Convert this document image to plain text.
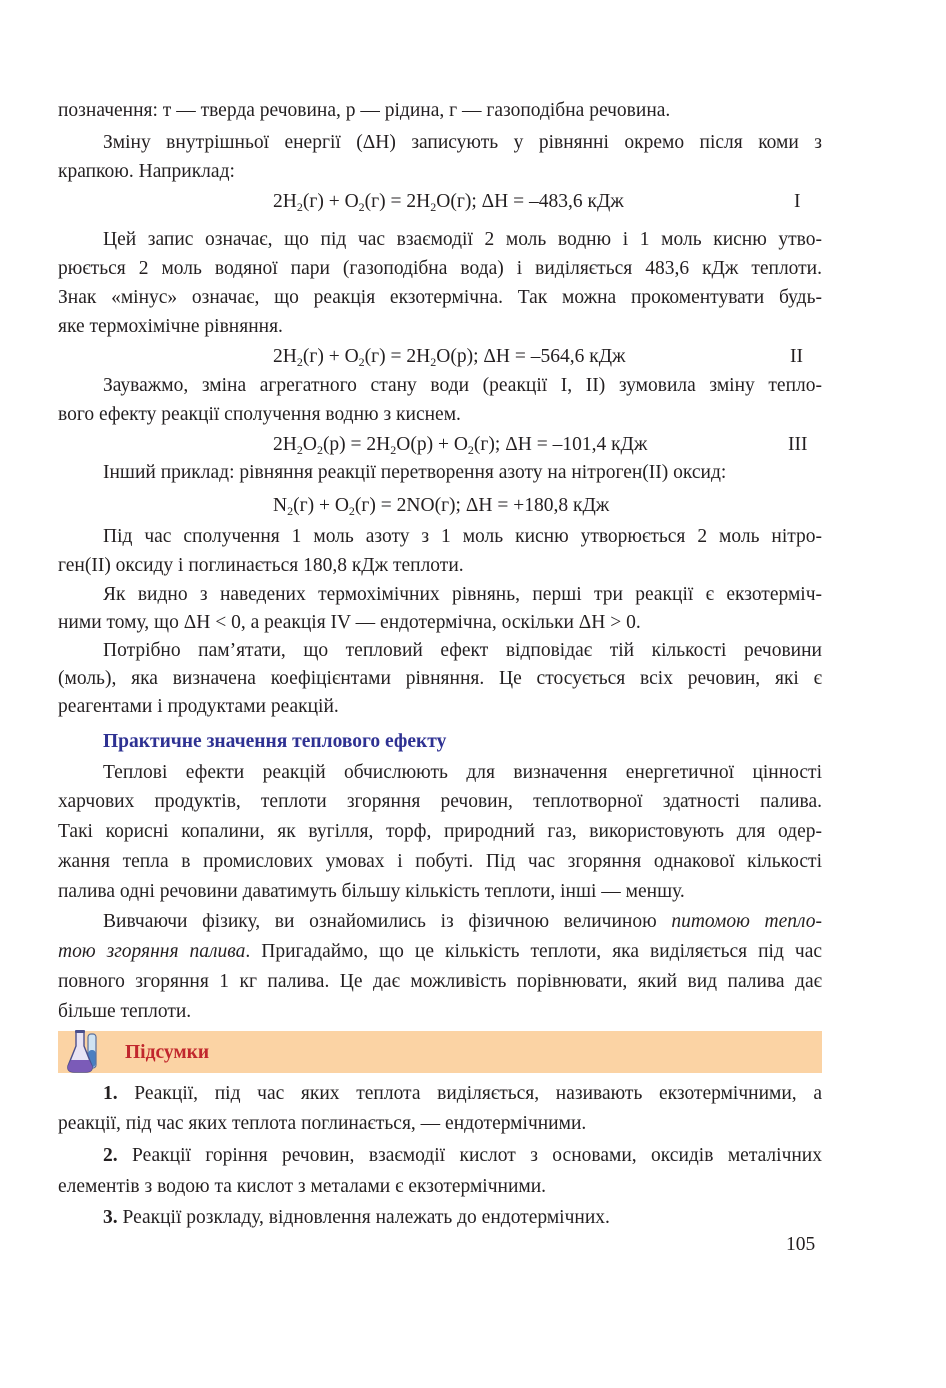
позначення: т — тверда речовина, р — рідина, г — газоподібна речовина.
Зміну внутрішньої енергії (ΔH) записують у рівнянні окремо після коми з
крапкою. Наприклад:
$2H_2(г) + O_2(г) = 2H_2O(г)$; ΔH = –483,6 кДж	I
Цей запис означає, що під час взаємодії 2 моль водню і 1 моль кисню утво-
рюється 2 моль водяної пари (газоподібна вода) і виділяється 483,6 кДж теплоти.
Знак «мінус» означає, що реакція екзотермічна. Так можна прокоментувати будь-
яке термохімічне рівняння.
$2H_2(г) + O_2(г) = 2H_2O(р)$; ΔH = –564,6 кДж	II
Зауважмо, зміна агрегатного стану води (реакції I, II) зумовила зміну тепло-
вого ефекту реакції сполучення водню з киснем.
$2H_2O_2(р) = 2H_2O(р) + O_2(г)$; ΔH = –101,4 кДж	III
Інший приклад: рівняння реакції перетворення азоту на нітроген(II) оксид:
$N_2(г) + O_2(г) = 2NO(г)$; ΔH = +180,8 кДж
Під час сполучення 1 моль азоту з 1 моль кисню утворюється 2 моль нітро-
ген(II) оксиду і поглинається 180,8 кДж теплоти.
Як видно з наведених термохімічних рівнянь, перші три реакції є екзотерміч-
ними тому, що ΔH < 0, а реакція IV — ендотермічна, оскільки ΔH > 0.
Потрібно пам’ятати, що тепловий ефект відповідає тій кількості речовини
(моль), яка визначена коефіцієнтами рівняння. Це стосується всіх речовин, які є
реагентами і продуктами реакцій.
Практичне значення теплового ефекту
Теплові ефекти реакцій обчислюють для визначення енергетичної цінності
харчових продуктів, теплоти згоряння речовин, теплотворної здатності палива.
Такі корисні копалини, як вугілля, торф, природний газ, використовують для одер-
жання тепла в промислових умовах і побуті. Під час згоряння однакової кількості
палива одні речовини даватимуть більшу кількість теплоти, інші — меншу.
Вивчаючи фізику, ви ознайомились із фізичною величиною питомою тепло-
тою згоряння палива. Пригадаймо, що це кількість теплоти, яка виділяється під час
повного згоряння 1 кг палива. Це дає можливість порівнювати, який вид палива дає
більше теплоти.
Підсумки
1. Реакції, під час яких теплота виділяється, називають екзотермічними, а
реакції, під час яких теплота поглинається, — ендотермічними.
2. Реакції горіння речовин, взаємодії кислот з основами, оксидів металічних
елементів з водою та кислот з металами є екзотермічними.
3. Реакції розкладу, відновлення належать до ендотермічних.
105
